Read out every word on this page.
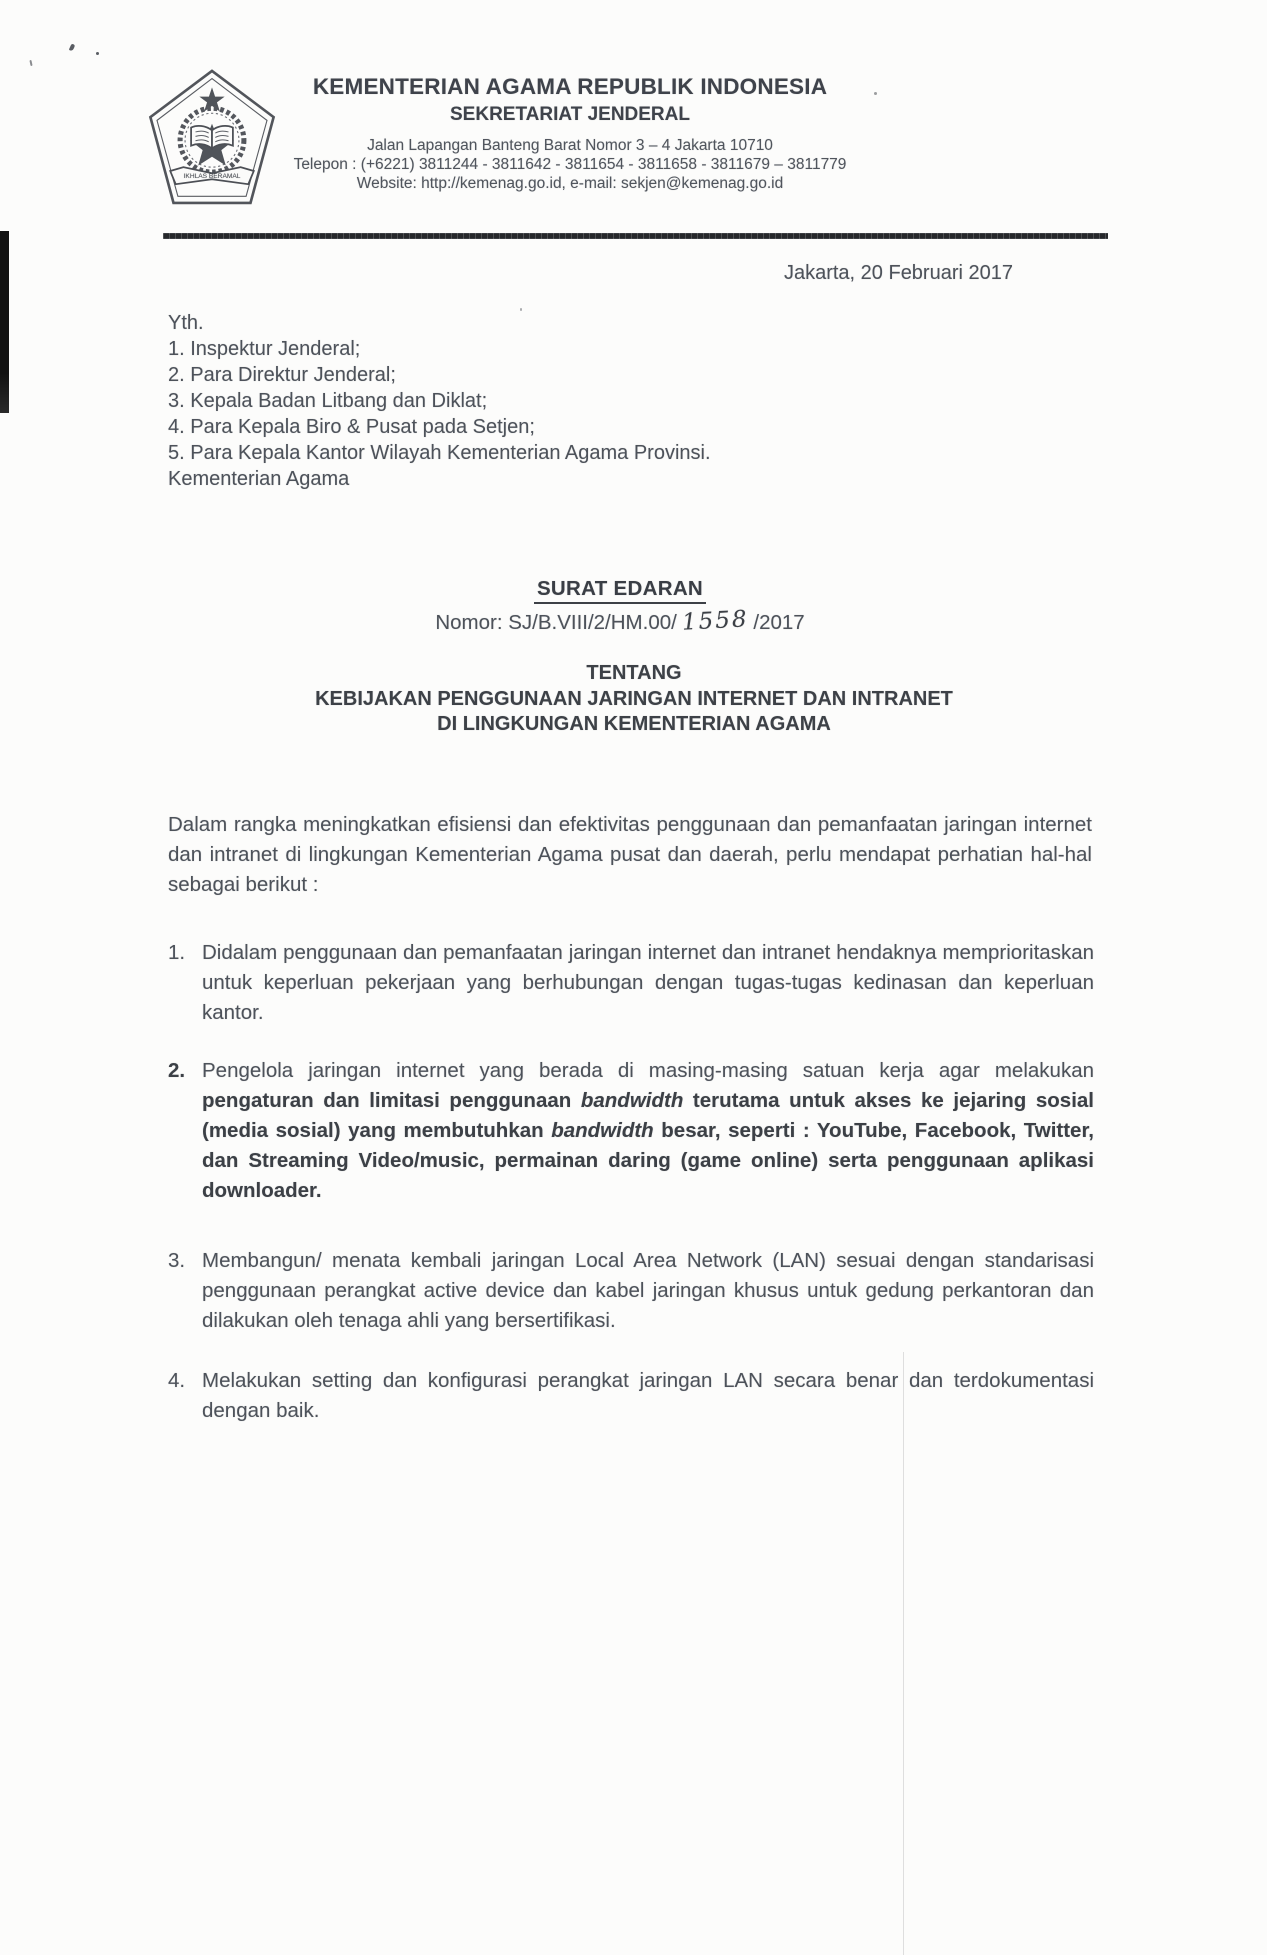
IKHLAS BERAMAL
KEMENTERIAN AGAMA REPUBLIK INDONESIA
SEKRETARIAT JENDERAL
Jalan Lapangan Banteng Barat Nomor 3 – 4 Jakarta 10710
Telepon : (+6221) 3811244 - 3811642 - 3811654 - 3811658 - 3811679 – 3811779
Website: http://kemenag.go.id, e-mail: sekjen@kemenag.go.id
Jakarta, 20 Februari 2017
Yth.
1. Inspektur Jenderal;
2. Para Direktur Jenderal;
3. Kepala Badan Litbang dan Diklat;
4. Para Kepala Biro & Pusat pada Setjen;
5. Para Kepala Kantor Wilayah Kementerian Agama Provinsi.
Kementerian Agama
SURAT EDARAN
Nomor: SJ/B.VIII/2/HM.00/ 1558 /2017
TENTANG
KEBIJAKAN PENGGUNAAN JARINGAN INTERNET DAN INTRANET
DI LINGKUNGAN KEMENTERIAN AGAMA
Dalam rangka meningkatkan efisiensi dan efektivitas penggunaan dan pemanfaatan jaringan internet dan intranet di lingkungan Kementerian Agama pusat dan daerah, perlu mendapat perhatian hal-hal sebagai berikut :
1. Didalam penggunaan dan pemanfaatan jaringan internet dan intranet hendaknya memprioritaskan untuk keperluan pekerjaan yang berhubungan dengan tugas-tugas kedinasan dan keperluan kantor.
2. Pengelola jaringan internet yang berada di masing-masing satuan kerja agar melakukan pengaturan dan limitasi penggunaan bandwidth terutama untuk akses ke jejaring sosial (media sosial) yang membutuhkan bandwidth besar, seperti : YouTube, Facebook, Twitter, dan Streaming Video/music, permainan daring (game online) serta penggunaan aplikasi downloader.
3. Membangun/ menata kembali jaringan Local Area Network (LAN) sesuai dengan standarisasi penggunaan perangkat active device dan kabel jaringan khusus untuk gedung perkantoran dan dilakukan oleh tenaga ahli yang bersertifikasi.
4. Melakukan setting dan konfigurasi perangkat jaringan LAN secara benar dan terdokumentasi dengan baik.
